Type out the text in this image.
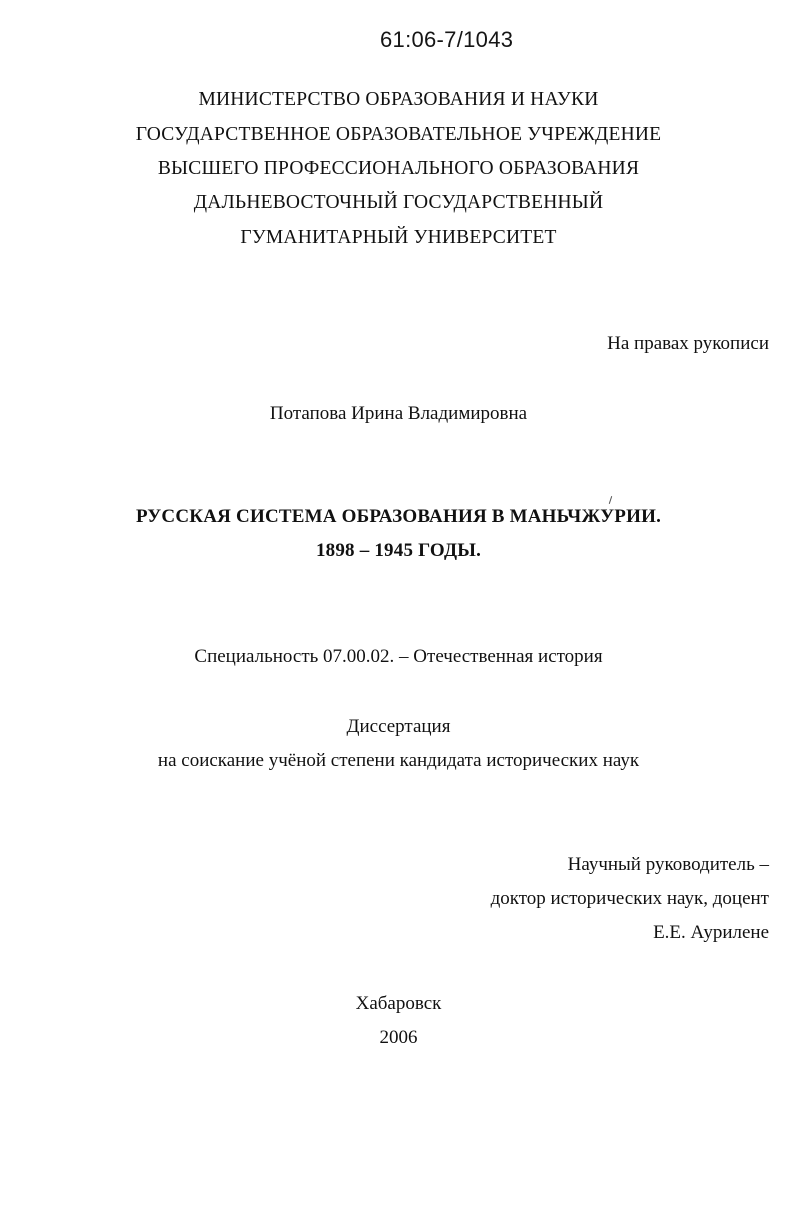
61:06-7/1043
МИНИСТЕРСТВО ОБРАЗОВАНИЯ И НАУКИ
ГОСУДАРСТВЕННОЕ ОБРАЗОВАТЕЛЬНОЕ УЧРЕЖДЕНИЕ
ВЫСШЕГО ПРОФЕССИОНАЛЬНОГО ОБРАЗОВАНИЯ
ДАЛЬНЕВОСТОЧНЫЙ ГОСУДАРСТВЕННЫЙ
ГУМАНИТАРНЫЙ УНИВЕРСИТЕТ
На правах рукописи
Потапова Ирина Владимировна
РУССКАЯ СИСТЕМА ОБРАЗОВАНИЯ В МАНЬЧЖУРИИ.
1898 – 1945 ГОДЫ.
Специальность 07.00.02. – Отечественная история
Диссертация
на соискание учёной степени кандидата исторических наук
Научный руководитель –
доктор исторических наук, доцент
Е.Е. Аурилене
Хабаровск
2006
